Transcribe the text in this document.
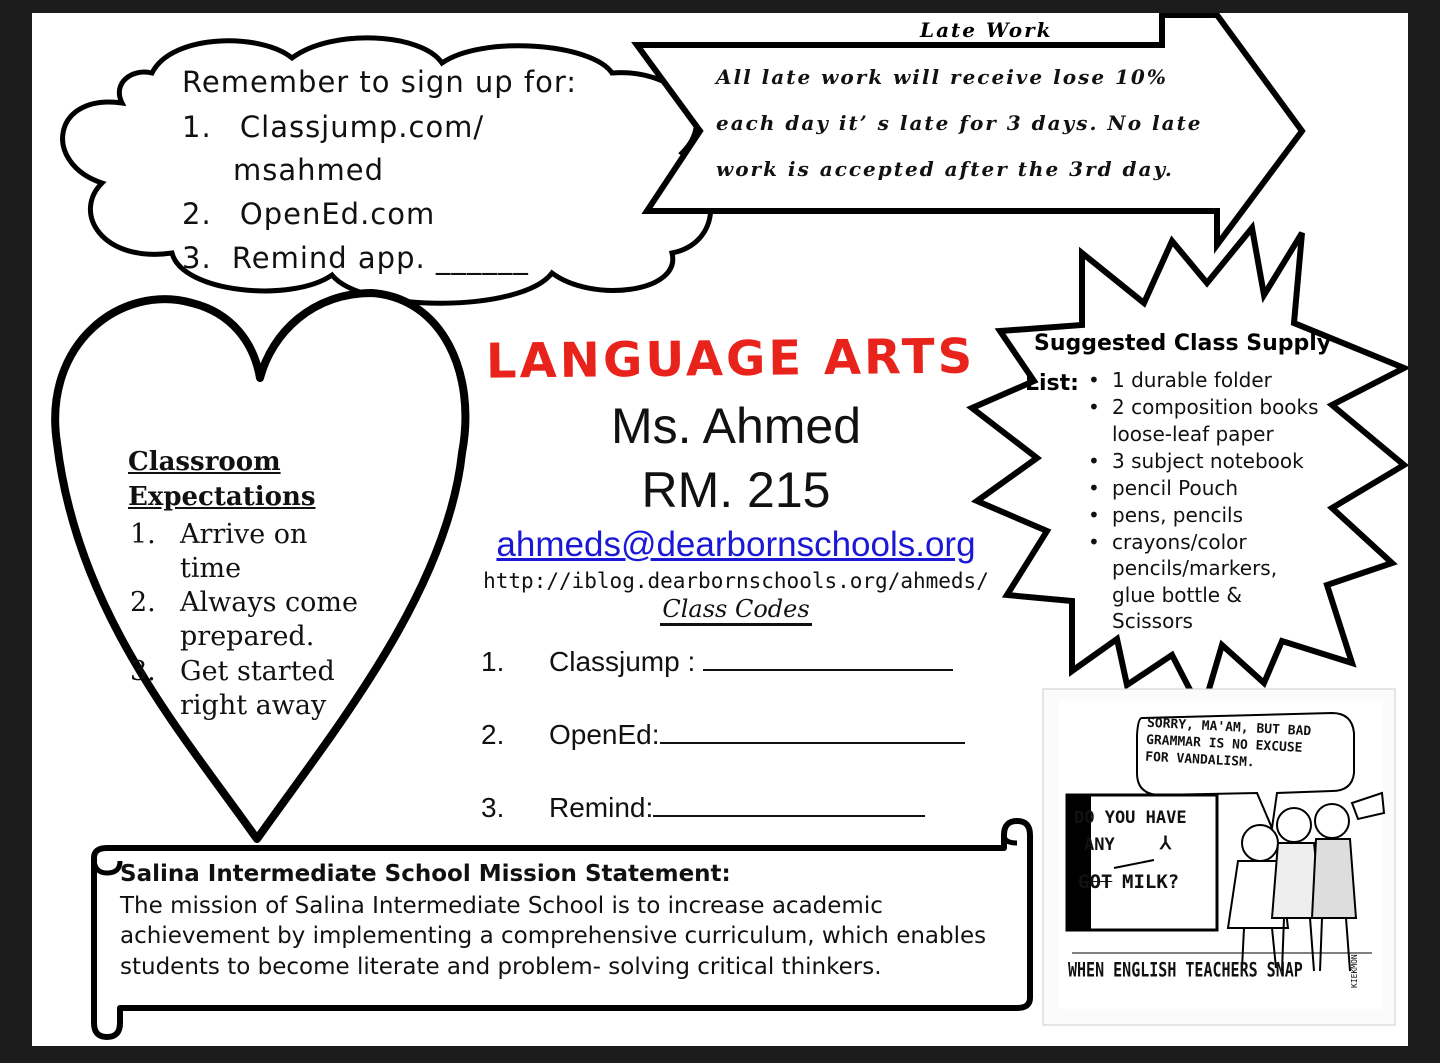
Remember to sign up for:
1. Classjump.com/
msahmed
2. OpenEd.com
3. Remind app. ______
Late Work
All late work will receive lose 10%
each day it’ s late for 3 days. No late
work is accepted after the 3rd day.
Classroom
Expectations
1. Arrive on
time
2. Always come
prepared.
3. Get started
right away
LANGUAGE ARTS
Ms. Ahmed
RM. 215
ahmeds@dearbornschools.org
http://iblog.dearbornschools.org/ahmeds/
Class Codes
1. Classjump :
2. OpenEd:
3. Remind:
Suggested Class Supply
List:
Salina Intermediate School Mission Statement:
The mission of Salina Intermediate School is to increase academic
achievement by implementing a comprehensive curriculum, which enables
students to become literate and problem- solving critical thinkers.
SORRY, MA'AM, BUT BAD
GRAMMAR IS NO EXCUSE
FOR VANDALISM.
DO YOU HAVE
ANY	⅄
GOT MILK?
WHEN ENGLISH TEACHERS SNAP	KIEKMON
• 1 durable folder
• 2 composition books
loose-leaf paper
• 3 subject notebook
• pencil Pouch
• pens, pencils
• crayons/color
pencils/markers,
glue bottle &
Scissors
